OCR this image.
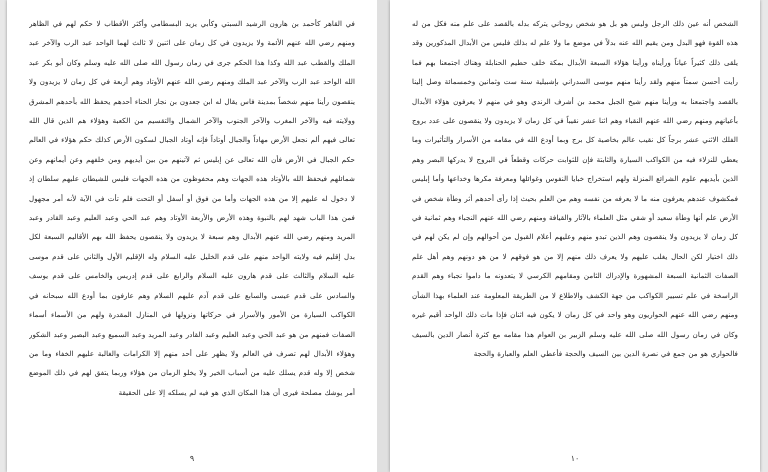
في القاهر كأحمد بن هارون الرشيد السبتي وكأبي يزيد البسطامي وأكثر الأقطاب لا حكم لهم في الظاهر ومنهم رضي الله عنهم الأئمة ولا يزيدون في كل زمان على اثنين لا ثالث لهما الواحد عبد الرب والآخر عبد الملك والقطب عبد الله وكذا هذا الحكم جرى في زمان رسول الله صلى الله عليه وسلم وكان أبو بكر عبد الله الواحد عبد الرب والآخر عبد الملك ومنهم رضي الله عنهم الأوتاد وهم أربعة في كل زمان لا يزيدون ولا ينقصون رأينا منهم شخصاً بمدينة فاس يقال له ابن جعدون بن نجار الحناء أحدهم يحفظ الله بأحدهم المشرق وولايته فيه والآخر المغرب والآخر الجنوب والآخر الشمال والتقسيم من الكعبة وهؤلاء هم الذين قال الله تعالى فيهم ألم نجعل الأرض مهاداً والجبال أوتاداً فإنه أوتاد الجبال لسكون الأرض كذلك حكم هؤلاء في العالم حكم الجبال في الأرض فأن الله تعالى عن إبليس ثم لآتينهم من بين أيديهم ومن خلفهم وعن أيمانهم وعن شمائلهم فيحفظ الله بالأوتاد هذه الجهات وهم محفوظون من هذه الجهات فليس للشيطان عليهم سلطان إذ لا دخول له عليهم إلا من هذه الجهات وأما من فوق أو أسفل أو التحت فلم تأت في الآية لأنه أمر مجهول فمن هذا الباب شهد لهم بالنبوة وهذه الأرض والأربعة الأوتاد وهم عبد الحي وعبد العليم وعبد القادر وعبد المريد ومنهم رضي الله عنهم الأبدال وهم سبعة لا يزيدون ولا ينقصون يحفظ الله بهم الأقاليم السبعة لكل بدل إقليم فيه ولايته الواحد منهم على قدم الخليل عليه السلام وله الإقليم الأول والثاني على قدم موسى عليه السلام والثالث على قدم هارون عليه السلام والرابع على قدم إدريس والخامس على قدم يوسف والسادس على قدم عيسى والسابع على قدم آدم عليهم السلام وهم عارفون بما أودع الله سبحانه في الكواكب السيارة من الأمور والأسرار في حركاتها ونزولها في المنازل المقدرة ولهم من الأسماء أسماء الصفات فمنهم من هو عبد الحي وعبد العليم وعبد القادر وعبد المريد وعبد السميع وعبد البصير وعبد الشكور وهؤلاء الأبدال لهم تصرف في العالم ولا يظهر على أحد منهم إلا الكرامات والغالبة عليهم الخفاء وما من شخص إلا وله قدم يسلك عليه من أسباب الخير ولا يخلو الزمان من هؤلاء وربما يتفق لهم في ذلك الموضع أمر يوشك مصلحة فيرى أن هذا المكان الذي هو فيه لم يسلكه إلا على الحقيقة

٩

الشخص أنه عين ذلك الرجل وليس هو بل هو شخص روحاني يتركه بدله بالقصد على علم منه فكل من له هذه القوة فهو البدل ومن يقيم الله عنه بدلاً في موضع ما ولا علم له بذلك فليس من الأبدال المذكورين وقد يلقى ذلك كثيراً عياناً ورأيناه ورأينا هؤلاء السبعة الأبدال بمكة خلف حطيم الحنابلة وهناك اجتمعنا بهم فما رأيت أحسن سمتاً منهم ولقد رأينا منهم موسى السدراني بإشبيلية سنة ست وثمانين وخمسمائة وصل إلينا بالقصد واجتمعنا به ورأينا منهم شيخ الجبل محمد بن أشرف الرندي وهو في منهم لا يعرفون هؤلاء الأبدال بأعيانهم ومنهم رضي الله عنهم النقباء وهم اثنا عشر نقيباً في كل زمان لا يزيدون ولا ينقصون على عدد بروج الفلك الاثني عشر برجاً كل نقيب عالم بخاصية كل برج وبما أودع الله في مقامه من الأسرار والتأثيرات وما يعطي للنزلاء فيه من الكواكب السيارة والثابتة فإن للثوابت حركات وقطعاً في البروج لا يدركها البصر وهم الذين بأيديهم علوم الشرائع المنزلة ولهم استخراج خبايا النفوس وغوائلها ومعرفة مكرها وخداعها وأما إبليس فمكشوف عندهم يعرفون منه ما لا يعرفه من نفسه وهم من العلم بحيث إذا رأى أحدهم أثر وطأة شخص في الأرض علم أنها وطأة سعيد أو شقي مثل العلماء بالآثار والقيافة ومنهم رضي الله عنهم النجباء وهم ثمانية في كل زمان لا يزيدون ولا ينقصون وهم الذين تبدو منهم وعليهم أعلام القبول من أحوالهم وإن لم يكن لهم في ذلك اختيار لكن الحال يغلب عليهم ولا يعرف ذلك منهم إلا من هو فوقهم لا من هو دونهم وهم أهل علم الصفات الثمانية السبعة المشهورة والإدراك الثامن ومقامهم الكرسي لا يتعدونه ما داموا نجباء وهم القدم الراسخة في علم تسيير الكواكب من جهة الكشف والاطلاع لا من الطريقة المعلومة عند العلماء بهذا الشأن ومنهم رضي الله عنهم الحواريون وهو واحد في كل زمان لا يكون فيه اثنان فإذا مات ذلك الواحد أقيم غيره وكان في زمان رسول الله صلى الله عليه وسلم الزبير بن العوام هذا مقامه مع كثرة أنصار الدين بالسيف فالحواري هو من جمع في نصرة الدين بين السيف والحجة فأعطي العلم والعبارة والحجة

١٠
